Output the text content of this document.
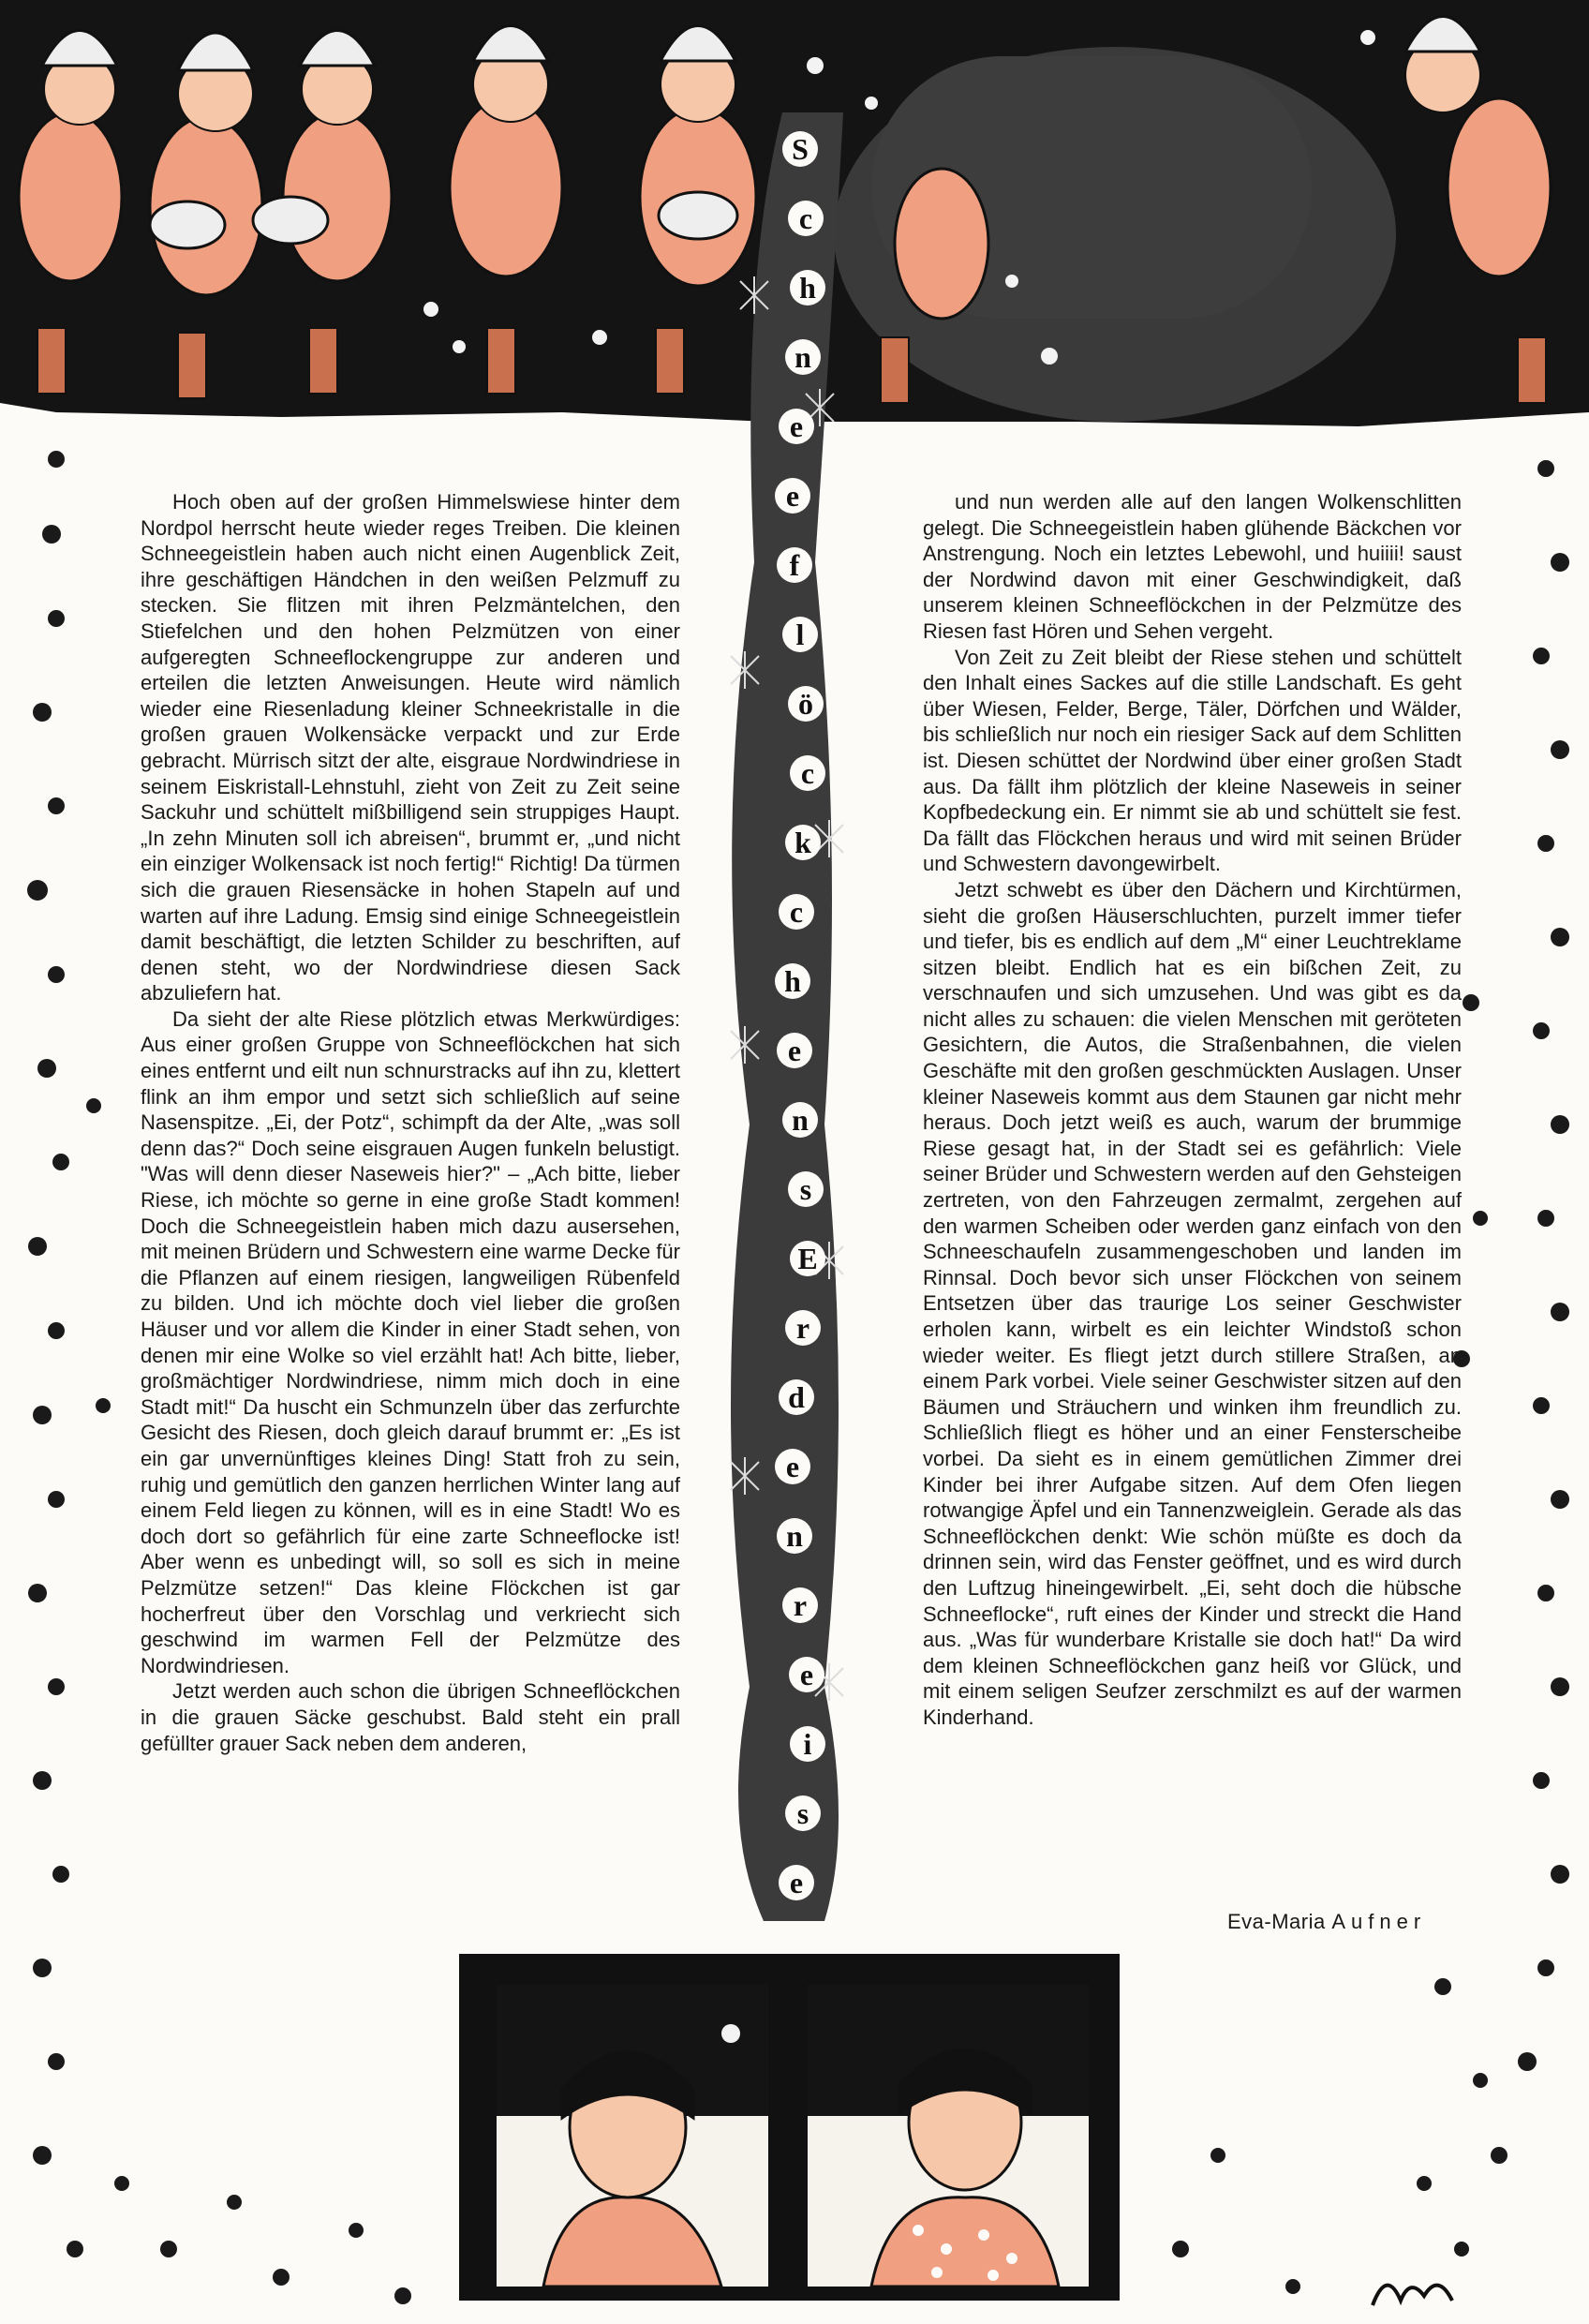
S
c
h
n
e
e
f
l
ö
c
k
c
h
e
n
s
E
r
d
e
n
r
e
i
s
e

Hoch oben auf der großen Himmelswiese hinter dem Nordpol herrscht heute wieder reges Treiben. Die kleinen Schneegeistlein haben auch nicht einen Augenblick Zeit, ihre geschäftigen Händchen in den weißen Pelzmuff zu stecken. Sie flitzen mit ihren Pelzmäntelchen, den Stiefelchen und den hohen Pelzmützen von einer aufgeregten Schneeflockengruppe zur anderen und erteilen die letzten Anweisungen. Heute wird nämlich wieder eine Riesenladung kleiner Schneekristalle in die großen grauen Wolkensäcke verpackt und zur Erde gebracht. Mürrisch sitzt der alte, eisgraue Nordwindriese in seinem Eiskristall-Lehnstuhl, zieht von Zeit zu Zeit seine Sackuhr und schüttelt mißbilligend sein struppiges Haupt. „In zehn Minuten soll ich abreisen“, brummt er, „und nicht ein einziger Wolkensack ist noch fertig!“ Richtig! Da türmen sich die grauen Riesensäcke in hohen Stapeln auf und warten auf ihre Ladung. Emsig sind einige Schneegeistlein damit beschäftigt, die letzten Schilder zu beschriften, auf denen steht, wo der Nordwindriese diesen Sack abzuliefern hat.

Da sieht der alte Riese plötzlich etwas Merkwürdiges: Aus einer großen Gruppe von Schneeflöckchen hat sich eines entfernt und eilt nun schnurstracks auf ihn zu, klettert flink an ihm empor und setzt sich schließlich auf seine Nasenspitze. „Ei, der Potz“, schimpft da der Alte, „was soll denn das?“ Doch seine eisgrauen Augen funkeln belustigt. "Was will denn dieser Naseweis hier?" – „Ach bitte, lieber Riese, ich möchte so gerne in eine große Stadt kommen! Doch die Schneegeistlein haben mich dazu ausersehen, mit meinen Brüdern und Schwestern eine warme Decke für die Pflanzen auf einem riesigen, langweiligen Rübenfeld zu bilden. Und ich möchte doch viel lieber die großen Häuser und vor allem die Kinder in einer Stadt sehen, von denen mir eine Wolke so viel erzählt hat! Ach bitte, lieber, großmächtiger Nordwindriese, nimm mich doch in eine Stadt mit!“ Da huscht ein Schmunzeln über das zerfurchte Gesicht des Riesen, doch gleich darauf brummt er: „Es ist ein gar unvernünftiges kleines Ding! Statt froh zu sein, ruhig und gemütlich den ganzen herrlichen Winter lang auf einem Feld liegen zu können, will es in eine Stadt! Wo es doch dort so gefährlich für eine zarte Schneeflocke ist! Aber wenn es unbedingt will, so soll es sich in meine Pelzmütze setzen!“ Das kleine Flöckchen ist gar hocherfreut über den Vorschlag und verkriecht sich geschwind im warmen Fell der Pelzmütze des Nordwindriesen.

Jetzt werden auch schon die übrigen Schneeflöckchen in die grauen Säcke geschubst. Bald steht ein prall gefüllter grauer Sack neben dem anderen,

und nun werden alle auf den langen Wolkenschlitten gelegt. Die Schneegeistlein haben glühende Bäckchen vor Anstrengung. Noch ein letztes Lebewohl, und huiiii! saust der Nordwind davon mit einer Geschwindigkeit, daß unserem kleinen Schneeflöckchen in der Pelzmütze des Riesen fast Hören und Sehen vergeht.

Von Zeit zu Zeit bleibt der Riese stehen und schüttelt den Inhalt eines Sackes auf die stille Landschaft. Es geht über Wiesen, Felder, Berge, Täler, Dörfchen und Wälder, bis schließlich nur noch ein riesiger Sack auf dem Schlitten ist. Diesen schüttet der Nordwind über einer großen Stadt aus. Da fällt ihm plötzlich der kleine Naseweis in seiner Kopfbedeckung ein. Er nimmt sie ab und schüttelt sie fest. Da fällt das Flöckchen heraus und wird mit seinen Brüder und Schwestern davongewirbelt.

Jetzt schwebt es über den Dächern und Kirchtürmen, sieht die großen Häuserschluchten, purzelt immer tiefer und tiefer, bis es endlich auf dem „M“ einer Leuchtreklame sitzen bleibt. Endlich hat es ein bißchen Zeit, zu verschnaufen und sich umzusehen. Und was gibt es da nicht alles zu schauen: die vielen Menschen mit geröteten Gesichtern, die Autos, die Straßenbahnen, die vielen Geschäfte mit den großen geschmückten Auslagen. Unser kleiner Naseweis kommt aus dem Staunen gar nicht mehr heraus. Doch jetzt weiß es auch, warum der brummige Riese gesagt hat, in der Stadt sei es gefährlich: Viele seiner Brüder und Schwestern werden auf den Gehsteigen zertreten, von den Fahrzeugen zermalmt, zergehen auf den warmen Scheiben oder werden ganz einfach von den Schneeschaufeln zusammengeschoben und landen im Rinnsal. Doch bevor sich unser Flöckchen von seinem Entsetzen über das traurige Los seiner Geschwister erholen kann, wirbelt es ein leichter Windstoß schon wieder weiter. Es fliegt jetzt durch stillere Straßen, an einem Park vorbei. Viele seiner Geschwister sitzen auf den Bäumen und Sträuchern und winken ihm freundlich zu. Schließlich fliegt es höher und an einer Fensterscheibe vorbei. Da sieht es in einem gemütlichen Zimmer drei Kinder bei ihrer Aufgabe sitzen. Auf dem Ofen liegen rotwangige Äpfel und ein Tannenzweiglein. Gerade als das Schneeflöckchen denkt: Wie schön müßte es doch da drinnen sein, wird das Fenster geöffnet, und es wird durch den Luftzug hineingewirbelt. „Ei, seht doch die hübsche Schneeflocke“, ruft eines der Kinder und streckt die Hand aus. „Was für wunderbare Kristalle sie doch hat!“ Da wird dem kleinen Schneeflöckchen ganz heiß vor Glück, und mit einem seligen Seufzer zerschmilzt es auf der warmen Kinderhand.

Eva-Maria Aufner
